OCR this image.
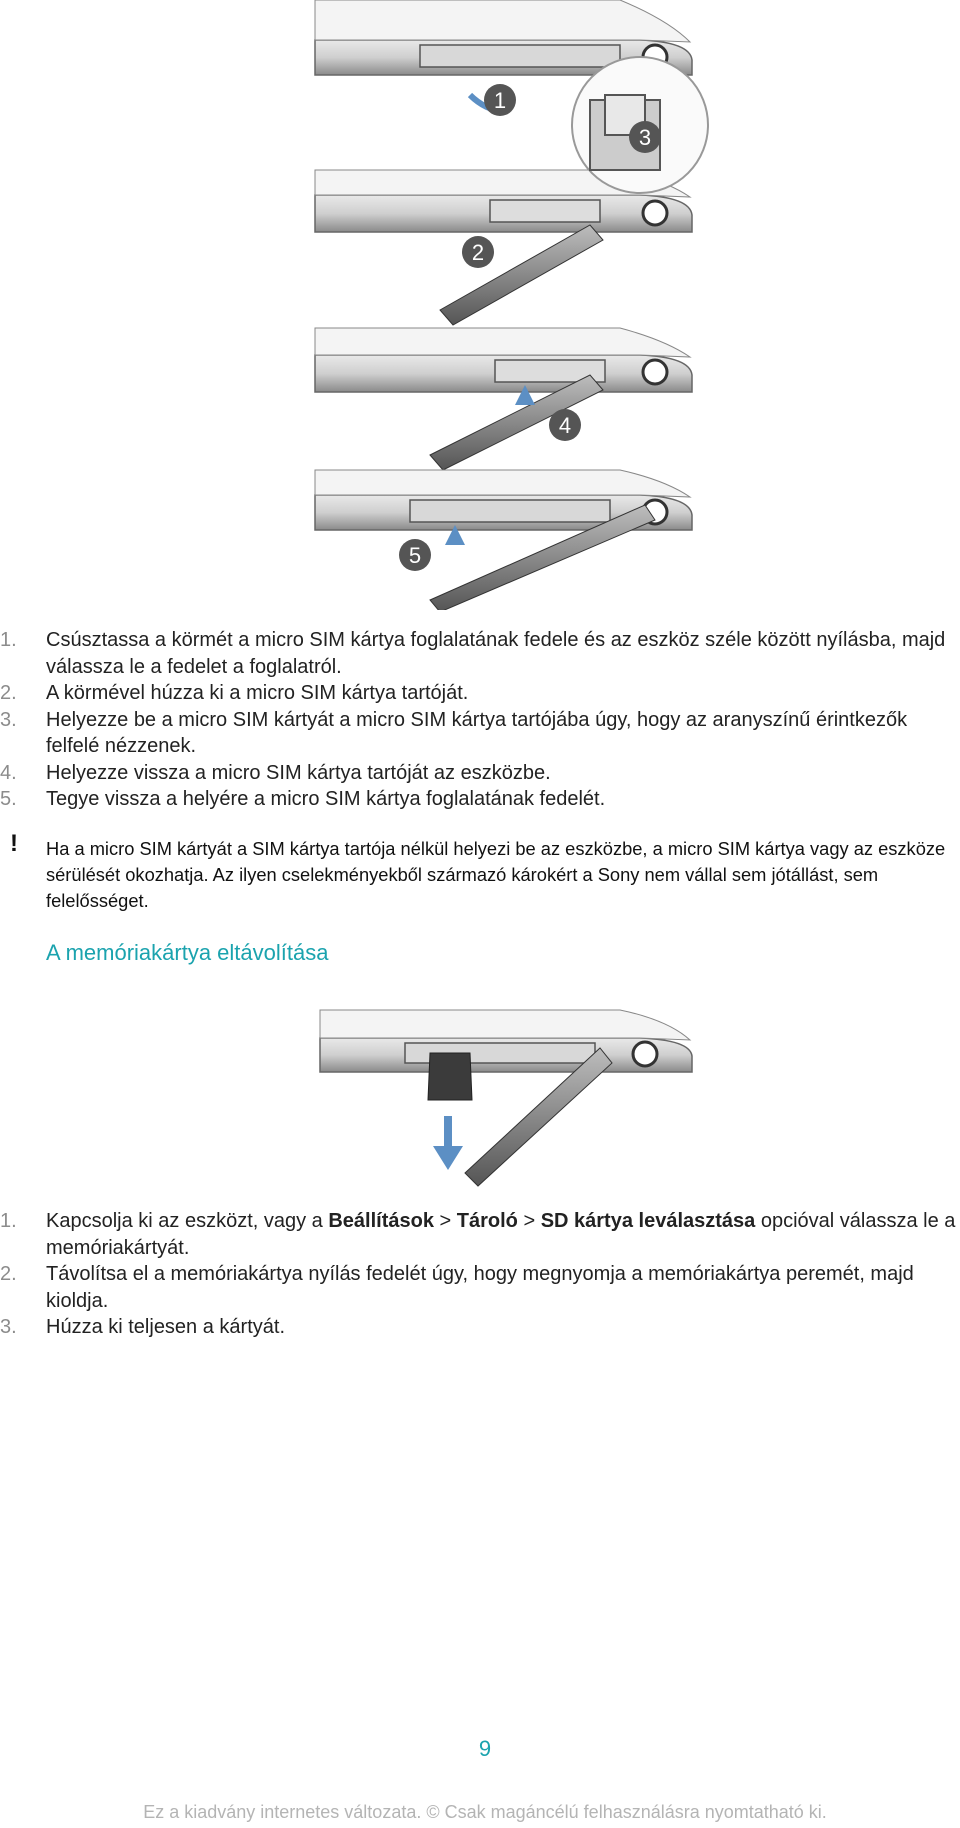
1
2
3
4
5
1.	Csúsztassa a körmét a micro SIM kártya foglalatának fedele és az eszköz széle között nyílásba, majd válassza le a fedelet a foglalatról.
2.	A körmével húzza ki a micro SIM kártya tartóját.
3.	Helyezze be a micro SIM kártyát a micro SIM kártya tartójába úgy, hogy az aranyszínű érintkezők felfelé nézzenek.
4.	Helyezze vissza a micro SIM kártya tartóját az eszközbe.
5.	Tegye vissza a helyére a micro SIM kártya foglalatának fedelét.
! Ha a micro SIM kártyát a SIM kártya tartója nélkül helyezi be az eszközbe, a micro SIM kártya vagy az eszköze sérülését okozhatja. Az ilyen cselekményekből származó károkért a Sony nem vállal sem jótállást, sem felelősséget.
A memóriakártya eltávolítása
1.	Kapcsolja ki az eszközt, vagy a Beállítások > Tároló > SD kártya leválasztása opcióval válassza le a memóriakártyát.
2.	Távolítsa el a memóriakártya nyílás fedelét úgy, hogy megnyomja a memóriakártya peremét, majd kioldja.
3.	Húzza ki teljesen a kártyát.
9
Ez a kiadvány internetes változata. © Csak magáncélú felhasználásra nyomtatható ki.
